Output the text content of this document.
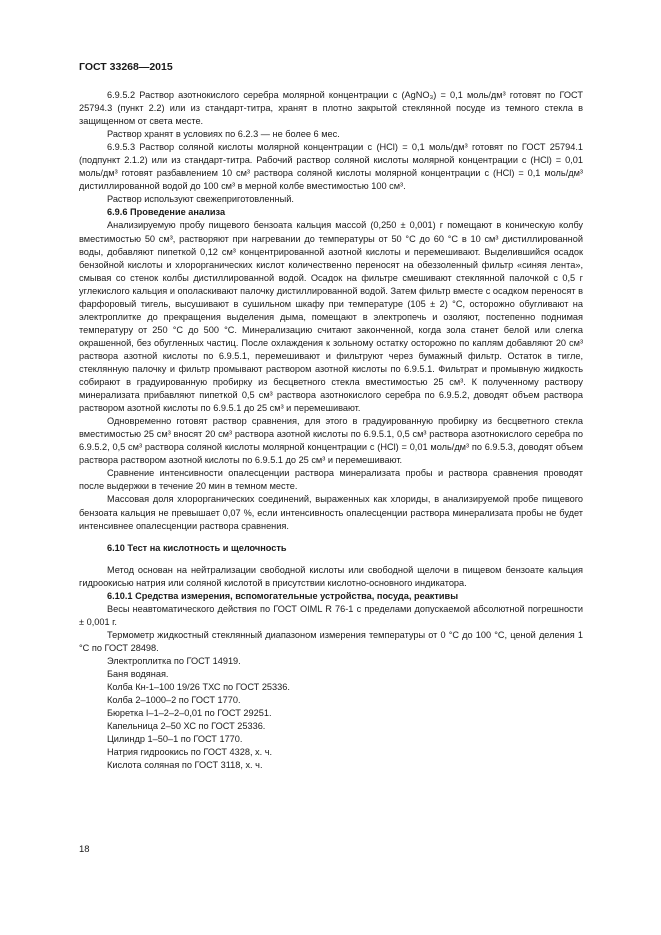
ГОСТ 33268—2015

6.9.5.2 Раствор азотнокислого серебра молярной концентрации c (AgNO₃) = 0,1 моль/дм³ готовят по ГОСТ 25794.3 (пункт 2.2) или из стандарт-титра, хранят в плотно закрытой стеклянной посуде из темного стекла в защищенном от света месте.

Раствор хранят в условиях по 6.2.3 — не более 6 мес.

6.9.5.3 Раствор соляной кислоты молярной концентрации c (HCl) = 0,1 моль/дм³ готовят по ГОСТ 25794.1 (подпункт 2.1.2) или из стандарт-титра. Рабочий раствор соляной кислоты молярной концентрации c (HCl) = 0,01 моль/дм³ готовят разбавлением 10 см³ раствора соляной кислоты молярной концентрации c (HCl) = 0,1 моль/дм³ дистиллированной водой до 100 см³ в мерной колбе вместимостью 100 см³.

Раствор используют свежеприготовленный.

6.9.6 Проведение анализа

Анализируемую пробу пищевого бензоата кальция массой (0,250 ± 0,001) г помещают в коническую колбу вместимостью 50 см³, растворяют при нагревании до температуры от 50 °С до 60 °С в 10 см³ дистиллированной воды, добавляют пипеткой 0,12 см³ концентрированной азотной кислоты и перемешивают. Выделившийся осадок бензойной кислоты и хлорорганических кислот количественно переносят на обеззоленный фильтр «синяя лента», смывая со стенок колбы дистиллированной водой. Осадок на фильтре смешивают стеклянной палочкой с 0,5 г углекислого кальция и ополаскивают палочку дистиллированной водой. Затем фильтр вместе с осадком переносят в фарфоровый тигель, высушивают в сушильном шкафу при температуре (105 ± 2) °С, осторожно обугливают на электроплитке до прекращения выделения дыма, помещают в электропечь и озоляют, постепенно поднимая температуру от 250 °С до 500 °С. Минерализацию считают законченной, когда зола станет белой или слегка окрашенной, без обугленных частиц. После охлаждения к зольному остатку осторожно по каплям добавляют 20 см³ раствора азотной кислоты по 6.9.5.1, перемешивают и фильтруют через бумажный фильтр. Остаток в тигле, стеклянную палочку и фильтр промывают раствором азотной кислоты по 6.9.5.1. Фильтрат и промывную жидкость собирают в градуированную пробирку из бесцветного стекла вместимостью 25 см³. К полученному раствору минерализата прибавляют пипеткой 0,5 см³ раствора азотнокислого серебра по 6.9.5.2, доводят объем раствора раствором азотной кислоты по 6.9.5.1 до 25 см³ и перемешивают.

Одновременно готовят раствор сравнения, для этого в градуированную пробирку из бесцветного стекла вместимостью 25 см³ вносят 20 см³ раствора азотной кислоты по 6.9.5.1, 0,5 см³ раствора азотнокислого серебра по 6.9.5.2, 0,5 см³ раствора соляной кислоты молярной концентрации c (HCl) = 0,01 моль/дм³ по 6.9.5.3, доводят объем раствора раствором азотной кислоты по 6.9.5.1 до 25 см³ и перемешивают.

Сравнение интенсивности опалесценции раствора минерализата пробы и раствора сравнения проводят после выдержки в течение 20 мин в темном месте.

Массовая доля хлорорганических соединений, выраженных как хлориды, в анализируемой пробе пищевого бензоата кальция не превышает 0,07 %, если интенсивность опалесценции раствора минерализата пробы не будет интенсивнее опалесценции раствора сравнения.

6.10 Тест на кислотность и щелочность

Метод основан на нейтрализации свободной кислоты или свободной щелочи в пищевом бензоате кальция гидроокисью натрия или соляной кислотой в присутствии кислотно-основного индикатора.

6.10.1 Средства измерения, вспомогательные устройства, посуда, реактивы

Весы неавтоматического действия по ГОСТ OIML R 76-1 с пределами допускаемой абсолютной погрешности ± 0,001 г.

Термометр жидкостный стеклянный диапазоном измерения температуры от 0 °С до 100 °С, ценой деления 1 °С по ГОСТ 28498.

Электроплитка по ГОСТ 14919.

Баня водяная.

Колба Кн-1–100 19/26 ТХС по ГОСТ 25336.

Колба 2–1000–2 по ГОСТ 1770.

Бюретка I–1–2–2–0,01 по ГОСТ 29251.

Капельница 2–50 ХС по ГОСТ 25336.

Цилиндр 1–50–1 по ГОСТ 1770.

Натрия гидроокись по ГОСТ 4328, х. ч.

Кислота соляная по ГОСТ 3118, х. ч.

18
